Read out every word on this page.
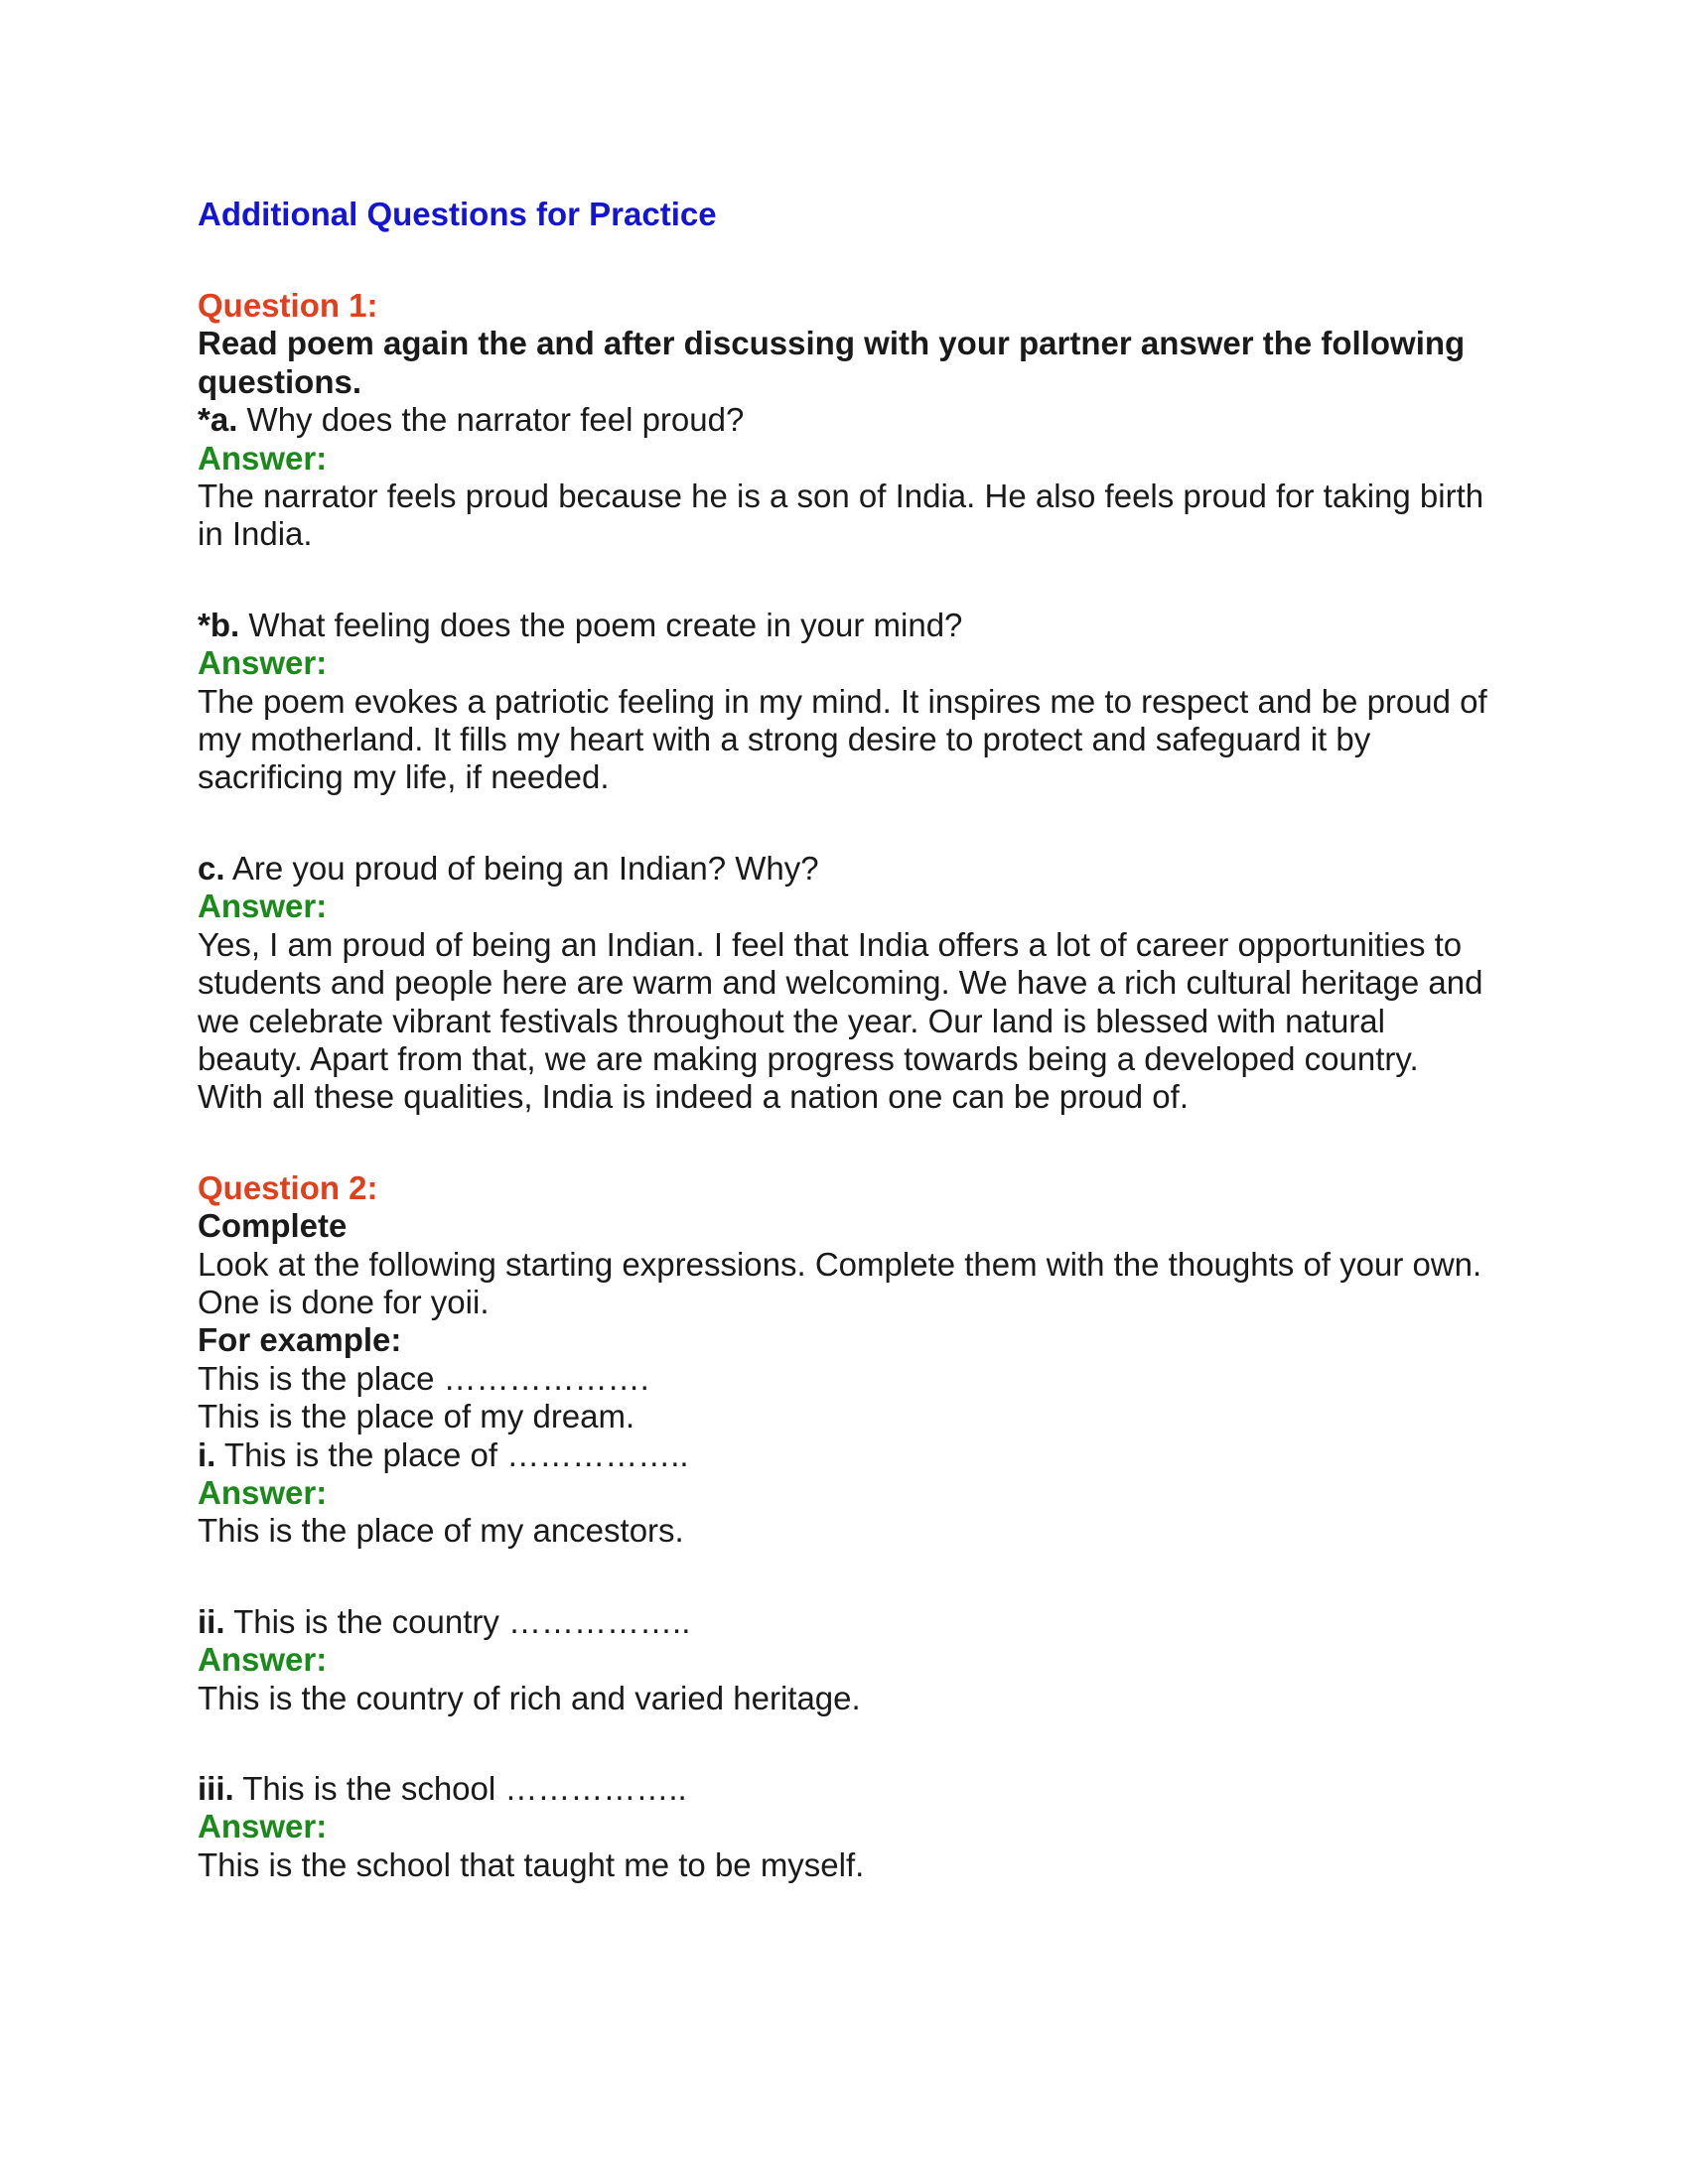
Additional Questions for Practice
Question 1:
Read poem again the and after discussing with your partner answer the following questions.
*a. Why does the narrator feel proud?
Answer:
The narrator feels proud because he is a son of India. He also feels proud for taking birth in India.
*b. What feeling does the poem create in your mind?
Answer:
The poem evokes a patriotic feeling in my mind. It inspires me to respect and be proud of my motherland. It fills my heart with a strong desire to protect and safeguard it by sacrificing my life, if needed.
c. Are you proud of being an Indian? Why?
Answer:
Yes, I am proud of being an Indian. I feel that India offers a lot of career opportunities to students and people here are warm and welcoming. We have a rich cultural heritage and we celebrate vibrant festivals throughout the year. Our land is blessed with natural beauty. Apart from that, we are making progress towards being a developed country. With all these qualities, India is indeed a nation one can be proud of.
Question 2:
Complete
Look at the following starting expressions. Complete them with the thoughts of your own. One is done for yoii.
For example:
This is the place ……………….
This is the place of my dream.
i. This is the place of ……………..
Answer:
This is the place of my ancestors.
ii. This is the country ……………..
Answer:
This is the country of rich and varied heritage.
iii. This is the school ……………..
Answer:
This is the school that taught me to be myself.
